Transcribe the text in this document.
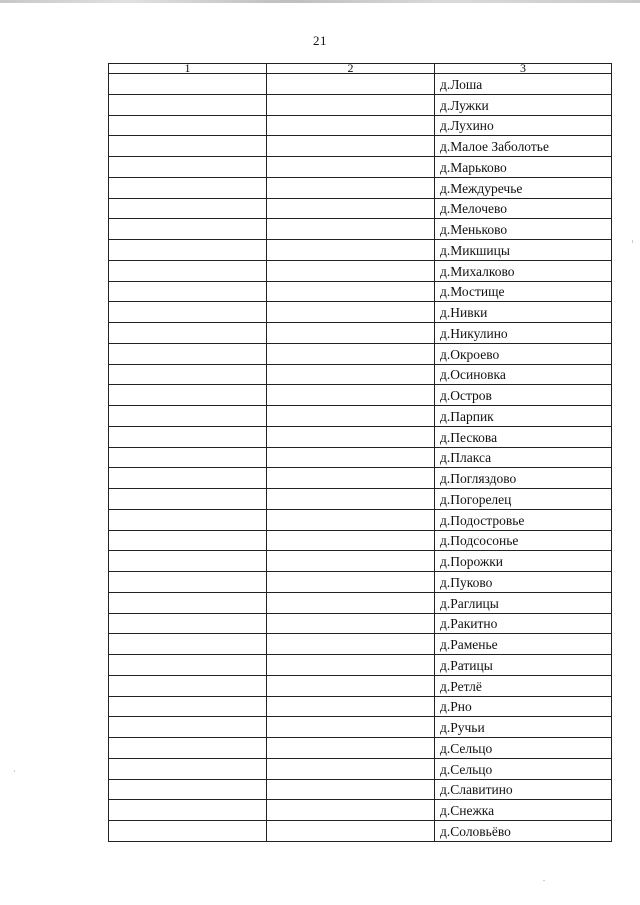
21
1	2	3
		д.Лоша
		д.Лужки
		д.Лухино
		д.Малое Заболотье
		д.Марьково
		д.Междуречье
		д.Мелочево
		д.Меньково
		д.Микшицы
		д.Михалково
		д.Мостище
		д.Нивки
		д.Никулино
		д.Окроево
		д.Осиновка
		д.Остров
		д.Парпик
		д.Пескова
		д.Плакса
		д.Погляздово
		д.Погорелец
		д.Подостровье
		д.Подсосонье
		д.Порожки
		д.Пуково
		д.Раглицы
		д.Ракитно
		д.Раменье
		д.Ратицы
		д.Ретлё
		д.Рно
		д.Ручьи
		д.Сельцо
		д.Сельцо
		д.Славитино
		д.Снежка
		д.Соловьёво
